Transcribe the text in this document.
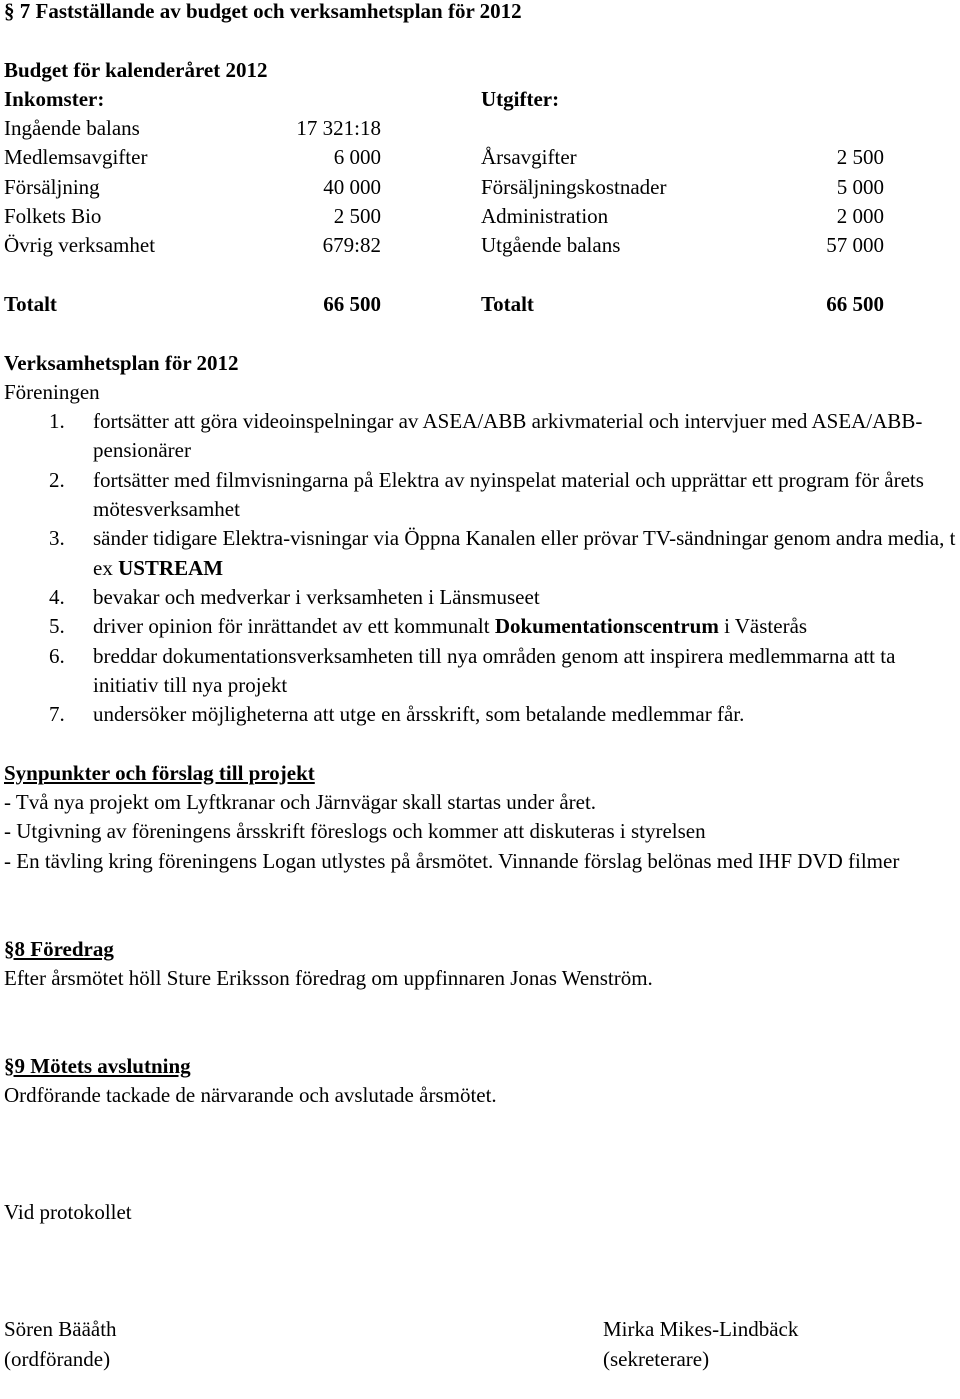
§ 7 Fastställande av budget och verksamhetsplan för 2012
Budget för kalenderåret 2012
Inkomster:	Utgifter:
Ingående balans	17 321:18
Medlemsavgifter	6 000	Årsavgifter	2 500
Försäljning	40 000	Försäljningskostnader	5 000
Folkets Bio	2 500	Administration	2 000
Övrig verksamhet	679:82	Utgående balans	57 000
Totalt	66 500	Totalt	66 500
Verksamhetsplan för 2012
Föreningen
1. fortsätter att göra videoinspelningar av ASEA/ABB arkivmaterial och intervjuer med ASEA/ABB-pensionärer
2. fortsätter med filmvisningarna på Elektra av nyinspelat material och upprättar ett program för årets mötesverksamhet
3. sänder tidigare Elektra-visningar via Öppna Kanalen eller prövar TV-sändningar genom andra media, t ex USTREAM
4. bevakar och medverkar i verksamheten i Länsmuseet
5. driver opinion för inrättandet av ett kommunalt Dokumentationscentrum i Västerås
6. breddar dokumentationsverksamheten till nya områden genom att inspirera medlemmarna att ta initiativ till nya projekt
7. undersöker möjligheterna att utge en årsskrift, som betalande medlemmar får.
Synpunkter och förslag till projekt
- Två nya projekt om Lyftkranar och Järnvägar skall startas under året.
- Utgivning av föreningens årsskrift föreslogs och kommer att diskuteras i styrelsen
- En tävling kring föreningens Logan utlystes på årsmötet. Vinnande förslag belönas med IHF DVD filmer
§8 Föredrag
Efter årsmötet höll Sture Eriksson föredrag om uppfinnaren Jonas Wenström.
§9 Mötets avslutning
Ordförande tackade de närvarande och avslutade årsmötet.
Vid protokollet
Sören Bääåth	Mirka Mikes-Lindbäck
(ordförande)	(sekreterare)
